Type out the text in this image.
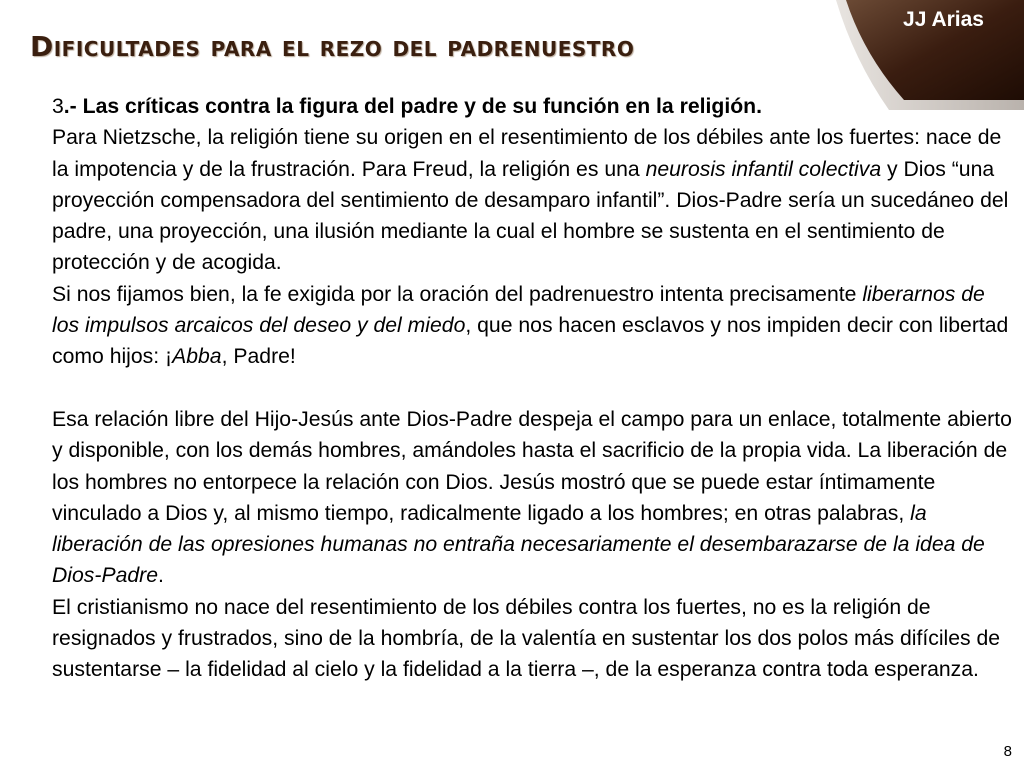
JJ Arias
Dificultades para el rezo del padrenuestro

3.- Las críticas contra la figura del padre y de su función en la religión.

Para Nietzsche, la religión tiene su origen en el resentimiento de los débiles ante los fuertes: nace de la impotencia y de la frustración. Para Freud, la religión es una neurosis infantil colectiva y Dios “una proyección compensadora del sentimiento de desamparo infantil”. Dios-Padre sería un sucedáneo del padre, una proyección, una ilusión mediante la cual el hombre se sustenta en el sentimiento de protección y de acogida.

Si nos fijamos bien, la fe exigida por la oración del padrenuestro intenta precisamente liberarnos de los impulsos arcaicos del deseo y del miedo, que nos hacen esclavos y nos impiden decir con libertad como hijos: ¡Abba, Padre!

Esa relación libre del Hijo-Jesús ante Dios-Padre despeja el campo para un enlace, totalmente abierto y disponible, con los demás hombres, amándoles hasta el sacrificio de la propia vida. La liberación de los hombres no entorpece la relación con Dios. Jesús mostró que se puede estar íntimamente vinculado a Dios y, al mismo tiempo, radicalmente ligado a los hombres; en otras palabras, la liberación de las opresiones humanas no entraña necesariamente el desembarazarse de la idea de Dios-Padre.

El cristianismo no nace del resentimiento de los débiles contra los fuertes, no es la religión de resignados y frustrados, sino de la hombría, de la valentía en sustentar los dos polos más difíciles de sustentarse – la fidelidad al cielo y la fidelidad a la tierra –, de la esperanza contra toda esperanza.

8
